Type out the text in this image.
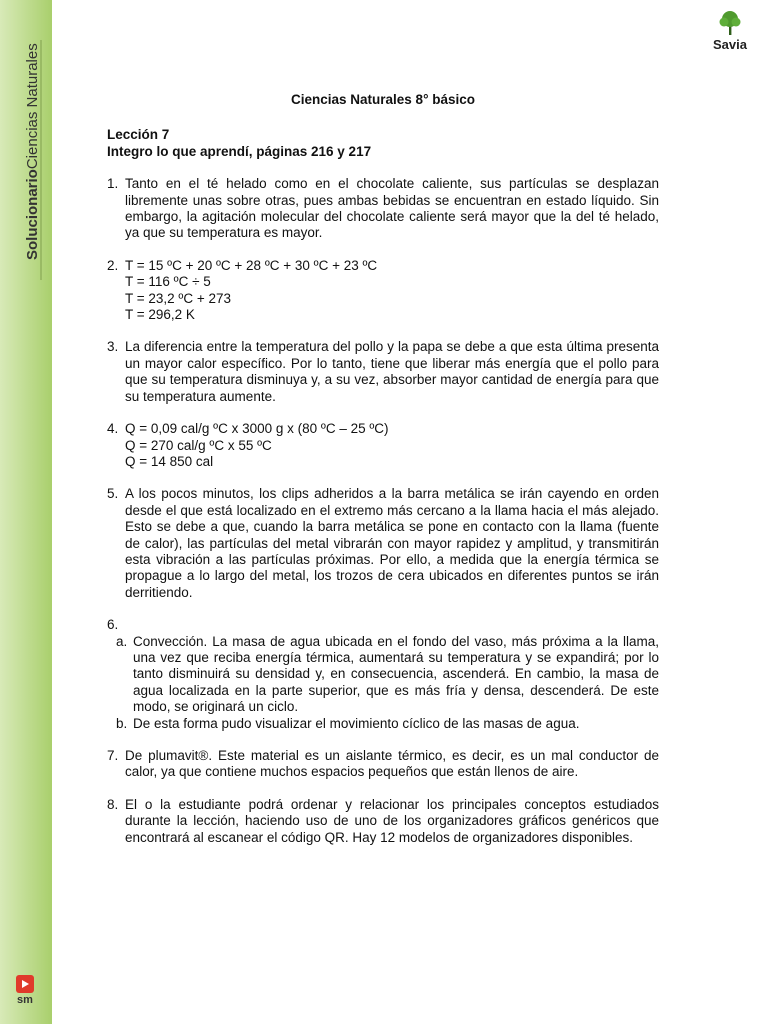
SolucionarioCiencias Naturales
sm
Savia
Ciencias Naturales 8° básico
Lección 7
Integro lo que aprendí, páginas 216 y 217
1. Tanto en el té helado como en el chocolate caliente, sus partículas se desplazan libremente unas sobre otras, pues ambas bebidas se encuentran en estado líquido. Sin embargo, la agitación molecular del chocolate caliente será mayor que la del té helado, ya que su temperatura es mayor.
2. T = 15 ºC + 20 ºC + 28 ºC + 30 ºC + 23 ºC
T = 116 ºC ÷ 5
T = 23,2 ºC + 273
T = 296,2 K
3. La diferencia entre la temperatura del pollo y la papa se debe a que esta última presenta un mayor calor específico. Por lo tanto, tiene que liberar más energía que el pollo para que su temperatura disminuya y, a su vez, absorber mayor cantidad de energía para que su temperatura aumente.
4. Q = 0,09 cal/g ºC x 3000 g x (80 ºC – 25 ºC)
Q = 270 cal/g ºC x 55 ºC
Q = 14 850 cal
5. A los pocos minutos, los clips adheridos a la barra metálica se irán cayendo en orden desde el que está localizado en el extremo más cercano a la llama hacia el más alejado. Esto se debe a que, cuando la barra metálica se pone en contacto con la llama (fuente de calor), las partículas del metal vibrarán con mayor rapidez y amplitud, y transmitirán esta vibración a las partículas próximas. Por ello, a medida que la energía térmica se propague a lo largo del metal, los trozos de cera ubicados en diferentes puntos se irán derritiendo.
6.
a. Convección. La masa de agua ubicada en el fondo del vaso, más próxima a la llama, una vez que reciba energía térmica, aumentará su temperatura y se expandirá; por lo tanto disminuirá su densidad y, en consecuencia, ascenderá. En cambio, la masa de agua localizada en la parte superior, que es más fría y densa, descenderá. De este modo, se originará un ciclo.
b. De esta forma pudo visualizar el movimiento cíclico de las masas de agua.
7. De plumavit®. Este material es un aislante térmico, es decir, es un mal conductor de calor, ya que contiene muchos espacios pequeños que están llenos de aire.
8. El o la estudiante podrá ordenar y relacionar los principales conceptos estudiados durante la lección, haciendo uso de uno de los organizadores gráficos genéricos que encontrará al escanear el código QR. Hay 12 modelos de organizadores disponibles.
